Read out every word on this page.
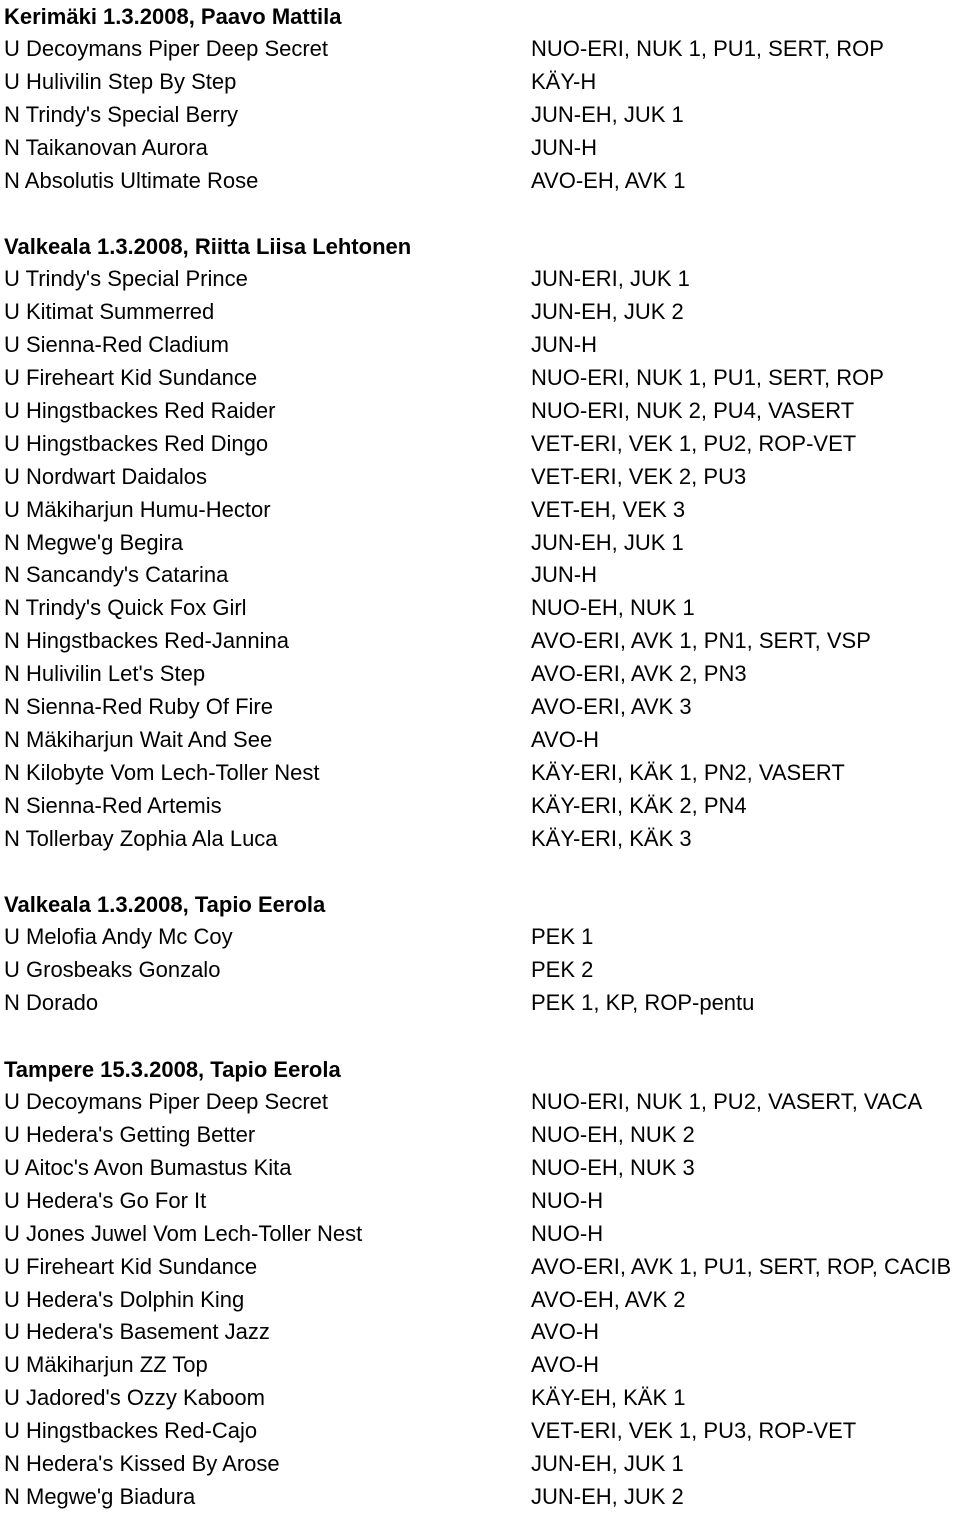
Kerimäki 1.3.2008, Paavo Mattila
U Decoymans Piper Deep Secret	NUO-ERI, NUK 1, PU1, SERT, ROP
U Hulivilin Step By Step	KÄY-H
N Trindy's Special Berry	JUN-EH, JUK 1
N Taikanovan Aurora	JUN-H
N Absolutis Ultimate Rose	AVO-EH, AVK 1
Valkeala 1.3.2008, Riitta Liisa Lehtonen
U Trindy's Special Prince	JUN-ERI, JUK 1
U Kitimat Summerred	JUN-EH, JUK 2
U Sienna-Red Cladium	JUN-H
U Fireheart Kid Sundance	NUO-ERI, NUK 1, PU1, SERT, ROP
U Hingstbackes Red Raider	NUO-ERI, NUK 2, PU4, VASERT
U Hingstbackes Red Dingo	VET-ERI, VEK 1, PU2, ROP-VET
U Nordwart Daidalos	VET-ERI, VEK 2, PU3
U Mäkiharjun Humu-Hector	VET-EH, VEK 3
N Megwe'g Begira	JUN-EH, JUK 1
N Sancandy's Catarina	JUN-H
N Trindy's Quick Fox Girl	NUO-EH, NUK 1
N Hingstbackes Red-Jannina	AVO-ERI, AVK 1, PN1, SERT, VSP
N Hulivilin Let's Step	AVO-ERI, AVK 2, PN3
N Sienna-Red Ruby Of Fire	AVO-ERI, AVK 3
N Mäkiharjun Wait And See	AVO-H
N Kilobyte Vom Lech-Toller Nest	KÄY-ERI, KÄK 1, PN2, VASERT
N Sienna-Red Artemis	KÄY-ERI, KÄK 2, PN4
N Tollerbay Zophia Ala Luca	KÄY-ERI, KÄK 3
Valkeala 1.3.2008, Tapio Eerola
U Melofia Andy Mc Coy	PEK 1
U Grosbeaks Gonzalo	PEK 2
N Dorado	PEK 1, KP, ROP-pentu
Tampere 15.3.2008, Tapio Eerola
U Decoymans Piper Deep Secret	NUO-ERI, NUK 1, PU2, VASERT, VACA
U Hedera's Getting Better	NUO-EH, NUK 2
U Aitoc's Avon Bumastus Kita	NUO-EH, NUK 3
U Hedera's Go For It	NUO-H
U Jones Juwel Vom Lech-Toller Nest	NUO-H
U Fireheart Kid Sundance	AVO-ERI, AVK 1, PU1, SERT, ROP, CACIB
U Hedera's Dolphin King	AVO-EH, AVK 2
U Hedera's Basement Jazz	AVO-H
U Mäkiharjun ZZ Top	AVO-H
U Jadored's Ozzy Kaboom	KÄY-EH, KÄK 1
U Hingstbackes Red-Cajo	VET-ERI, VEK 1, PU3, ROP-VET
N Hedera's Kissed By Arose	JUN-EH, JUK 1
N Megwe'g Biadura	JUN-EH, JUK 2
